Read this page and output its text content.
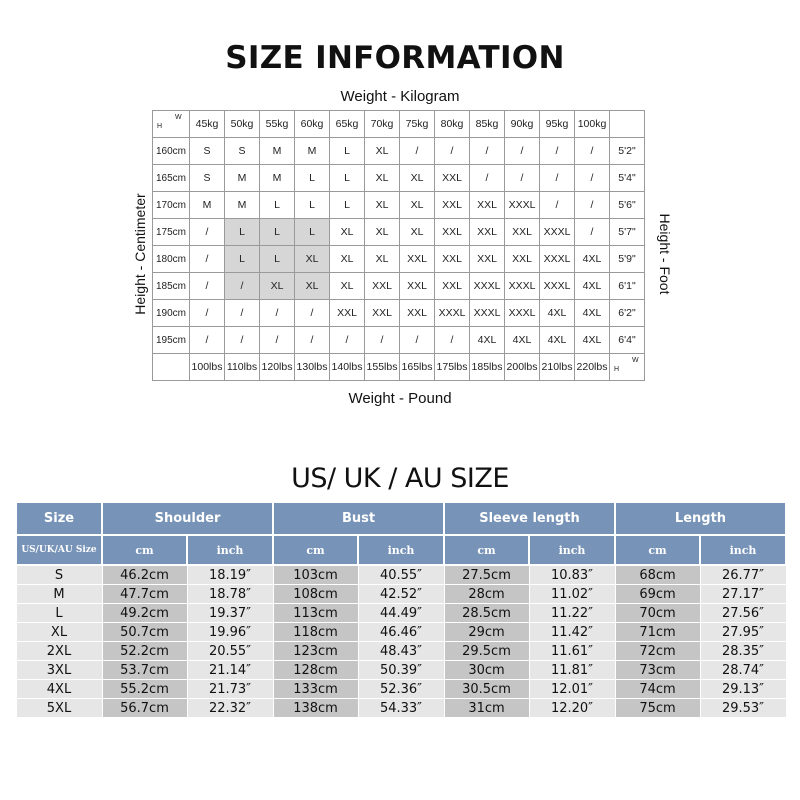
SIZE INFORMATION
Weight - Kilogram
Height - Centimeter	Height - Foot
Weight - Pound
H
W	45kg	50kg	55kg	60kg	65kg	70kg	75kg	80kg	85kg	90kg	95kg	100kg	
160cm	S	S	M	M	L	XL	/	/	/	/	/	/	5'2"
165cm	S	M	M	L	L	XL	XL	XXL	/	/	/	/	5'4"
170cm	M	M	L	L	L	XL	XL	XXL	XXL	XXXL	/	/	5'6"
175cm	/	L	L	L	XL	XL	XL	XXL	XXL	XXL	XXXL	/	5'7"
180cm	/	L	L	XL	XL	XL	XXL	XXL	XXL	XXL	XXXL	4XL	5'9"
185cm	/	/	XL	XL	XL	XXL	XXL	XXL	XXXL	XXXL	XXXL	4XL	6'1"
190cm	/	/	/	/	XXL	XXL	XXL	XXXL	XXXL	XXXL	4XL	4XL	6'2"
195cm	/	/	/	/	/	/	/	/	4XL	4XL	4XL	4XL	6'4"
	100lbs	110lbs	120lbs	130lbs	140lbs	155lbs	165lbs	175lbs	185lbs	200lbs	210lbs	220lbs	H
W
US/ UK / AU SIZE
Size	Shoulder		Bust		Sleeve length		Length	
US/UK/AU Size	cm	inch	cm	inch	cm	inch	cm	inch
S	46.2cm	18.19″	103cm	40.55″	27.5cm	10.83″	68cm	26.77″
M	47.7cm	18.78″	108cm	42.52″	28cm	11.02″	69cm	27.17″
L	49.2cm	19.37″	113cm	44.49″	28.5cm	11.22″	70cm	27.56″
XL	50.7cm	19.96″	118cm	46.46″	29cm	11.42″	71cm	27.95″
2XL	52.2cm	20.55″	123cm	48.43″	29.5cm	11.61″	72cm	28.35″
3XL	53.7cm	21.14″	128cm	50.39″	30cm	11.81″	73cm	28.74″
4XL	55.2cm	21.73″	133cm	52.36″	30.5cm	12.01″	74cm	29.13″
5XL	56.7cm	22.32″	138cm	54.33″	31cm	12.20″	75cm	29.53″
